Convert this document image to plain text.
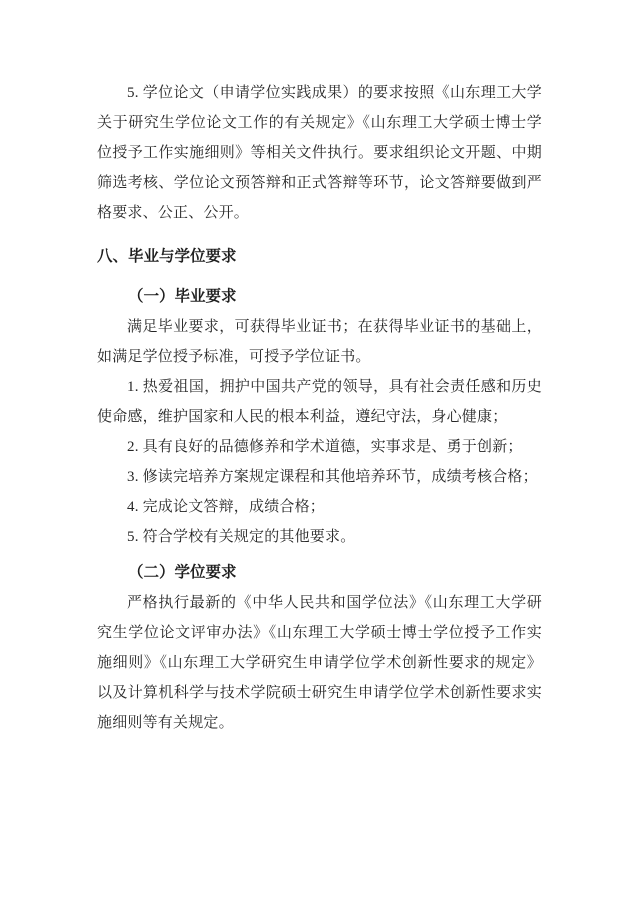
5. 学位论文（申请学位实践成果）的要求按照《山东理工大学关于研究生学位论文工作的有关规定》《山东理工大学硕士博士学位授予工作实施细则》等相关文件执行。要求组织论文开题、中期筛选考核、学位论文预答辩和正式答辩等环节，论文答辩要做到严格要求、公正、公开。

八、毕业与学位要求
（一）毕业要求

满足毕业要求，可获得毕业证书；在获得毕业证书的基础上，如满足学位授予标准，可授予学位证书。

1. 热爱祖国，拥护中国共产党的领导，具有社会责任感和历史使命感，维护国家和人民的根本利益，遵纪守法，身心健康；

2. 具有良好的品德修养和学术道德，实事求是、勇于创新；

3. 修读完培养方案规定课程和其他培养环节，成绩考核合格；

4. 完成论文答辩，成绩合格；

5. 符合学校有关规定的其他要求。

（二）学位要求

严格执行最新的《中华人民共和国学位法》《山东理工大学研究生学位论文评审办法》《山东理工大学硕士博士学位授予工作实施细则》《山东理工大学研究生申请学位学术创新性要求的规定》以及计算机科学与技术学院硕士研究生申请学位学术创新性要求实施细则等有关规定。
